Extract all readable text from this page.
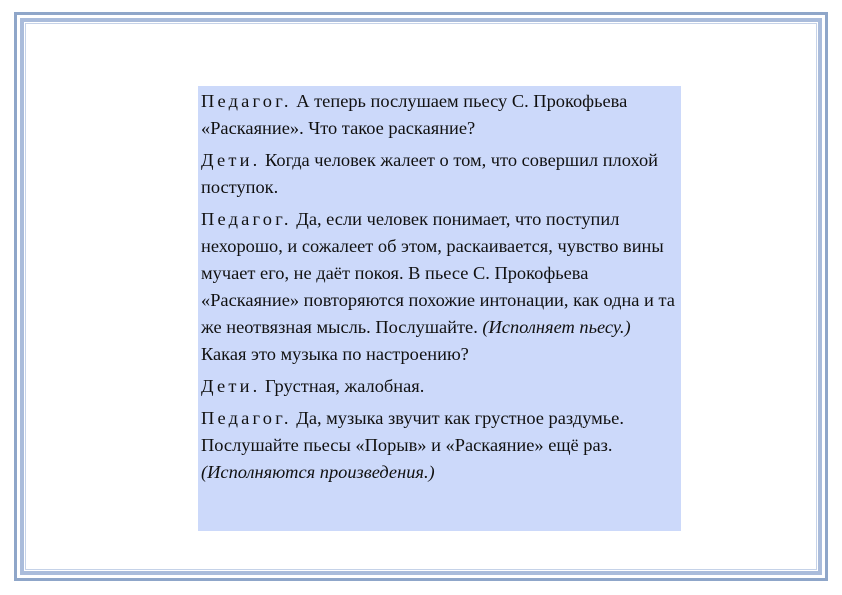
Педагог. А теперь послушаем пьесу С. Прокофьева «Раскаяние». Что такое раскаяние?

Дети. Когда человек жалеет о том, что совершил плохой поступок.

Педагог. Да, если человек понимает, что поступил нехорошо, и сожалеет об этом, раскаивается, чувство вины мучает его, не даёт покоя. В пьесе С. Прокофьева «Раскаяние» повторяются похожие интонации, как одна и та же неотвязная мысль. Послушайте. (Исполняет пьесу.) Какая это музыка по настроению?

Дети. Грустная, жалобная.

Педагог. Да, музыка звучит как грустное раздумье. Послушайте пьесы «Порыв» и «Раскаяние» ещё раз. (Исполняются произведения.)
